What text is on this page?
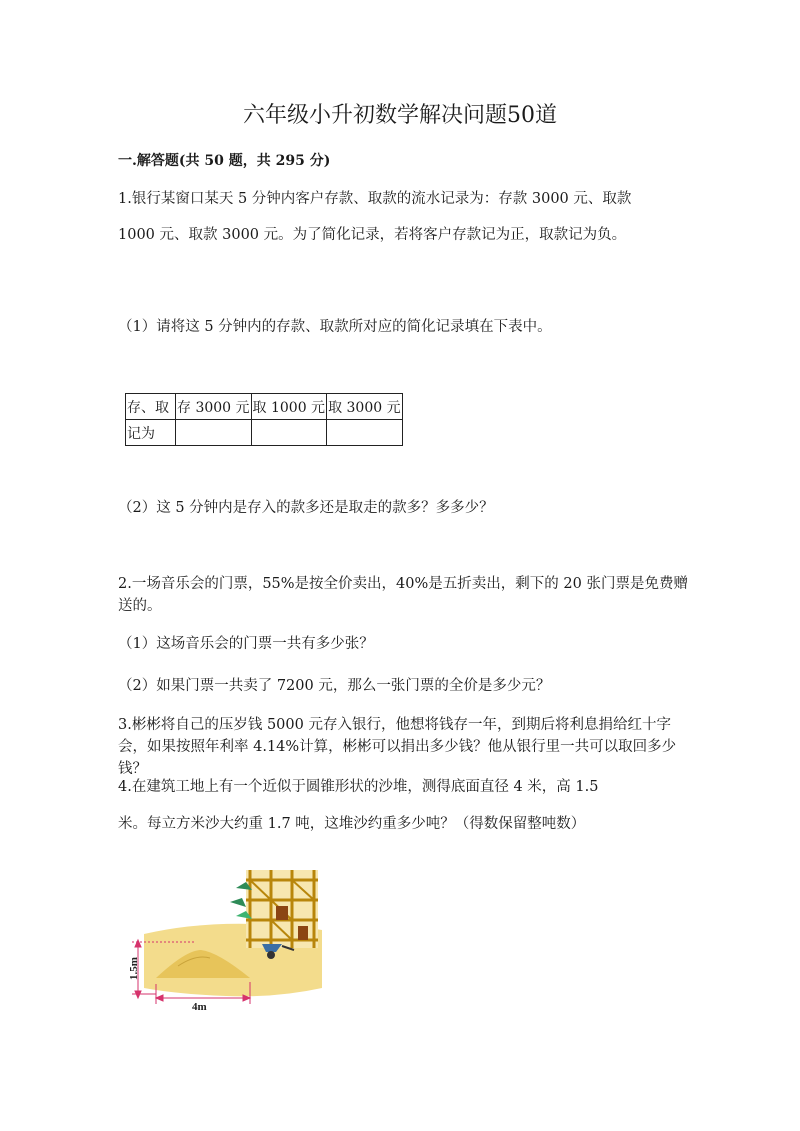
六年级小升初数学解决问题50道
一.解答题(共 50 题，共 295 分)
1.银行某窗口某天 5 分钟内客户存款、取款的流水记录为：存款 3000 元、取款
1000 元、取款 3000 元。为了简化记录，若将客户存款记为正，取款记为负。
（1）请将这 5 分钟内的存款、取款所对应的简化记录填在下表中。
存、取	存 3000 元	取 1000 元	取 3000 元
记为			
（2）这 5 分钟内是存入的款多还是取走的款多？多多少？
2.一场音乐会的门票，55%是按全价卖出，40%是五折卖出，剩下的 20 张门票是免费赠送的。
（1）这场音乐会的门票一共有多少张？
（2）如果门票一共卖了 7200 元，那么一张门票的全价是多少元？
3.彬彬将自己的压岁钱 5000 元存入银行，他想将钱存一年，到期后将利息捐给红十字会，如果按照年利率 4.14%计算，彬彬可以捐出多少钱？他从银行里一共可以取回多少钱？
4.在建筑工地上有一个近似于圆锥形状的沙堆，测得底面直径 4 米，高 1.5
米。每立方米沙大约重 1.7 吨，这堆沙约重多少吨？（得数保留整吨数）
1.5m
4m
